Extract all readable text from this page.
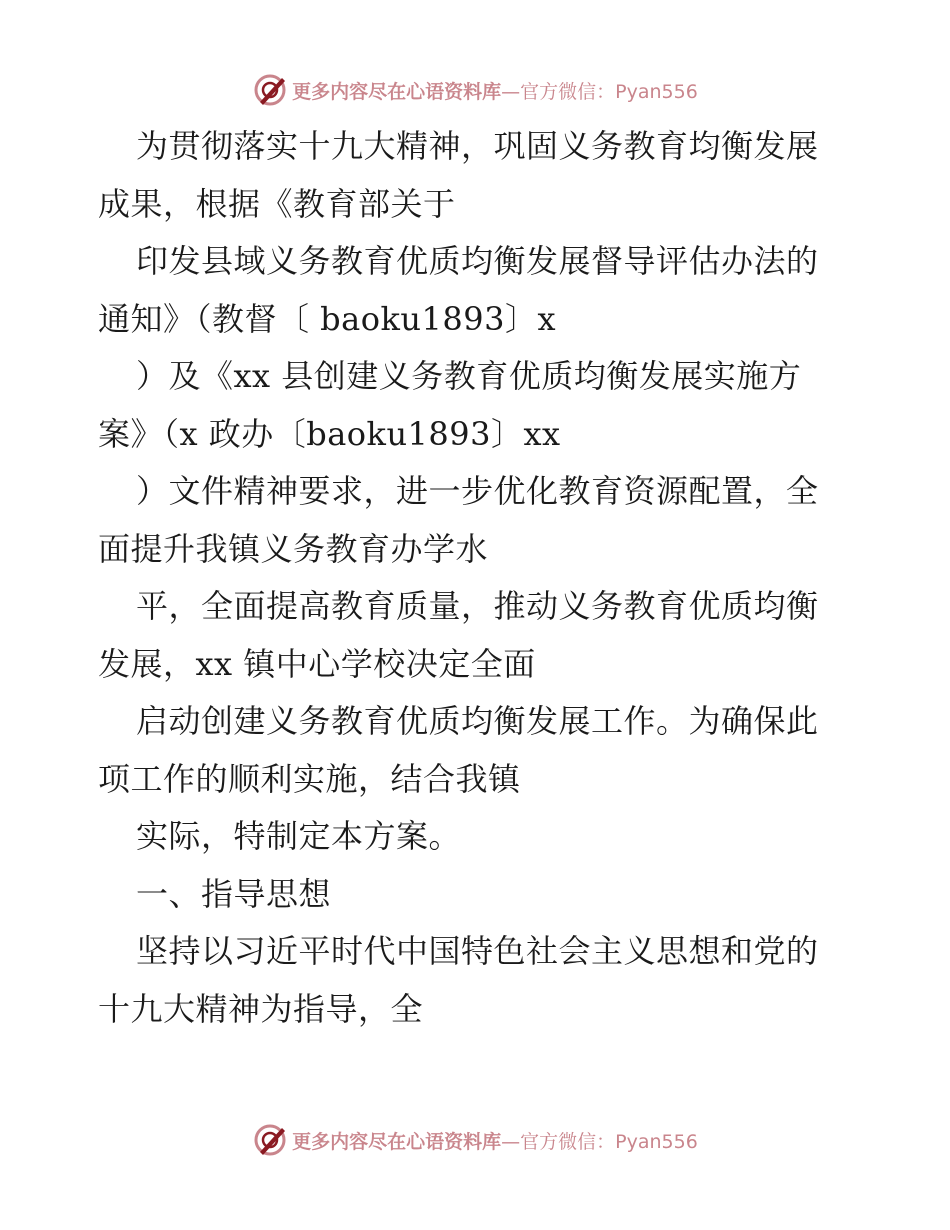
更多内容尽在心语资料库 —官方微信：Pyan556
为贯彻落实十九大精神，巩固义务教育均衡发展
成果，根据《教育部关于
印发县域义务教育优质均衡发展督导评估办法的
通知》（教督〔 baoku1893〕x
）及《xx 县创建义务教育优质均衡发展实施方
案》（x 政办〔baoku1893〕xx
）文件精神要求，进一步优化教育资源配置，全
面提升我镇义务教育办学水
平，全面提高教育质量，推动义务教育优质均衡
发展，xx 镇中心学校决定全面
启动创建义务教育优质均衡发展工作。为确保此
项工作的顺利实施，结合我镇
实际，特制定本方案。
一、指导思想
坚持以习近平时代中国特色社会主义思想和党的
十九大精神为指导，全
更多内容尽在心语资料库 —官方微信：Pyan556
